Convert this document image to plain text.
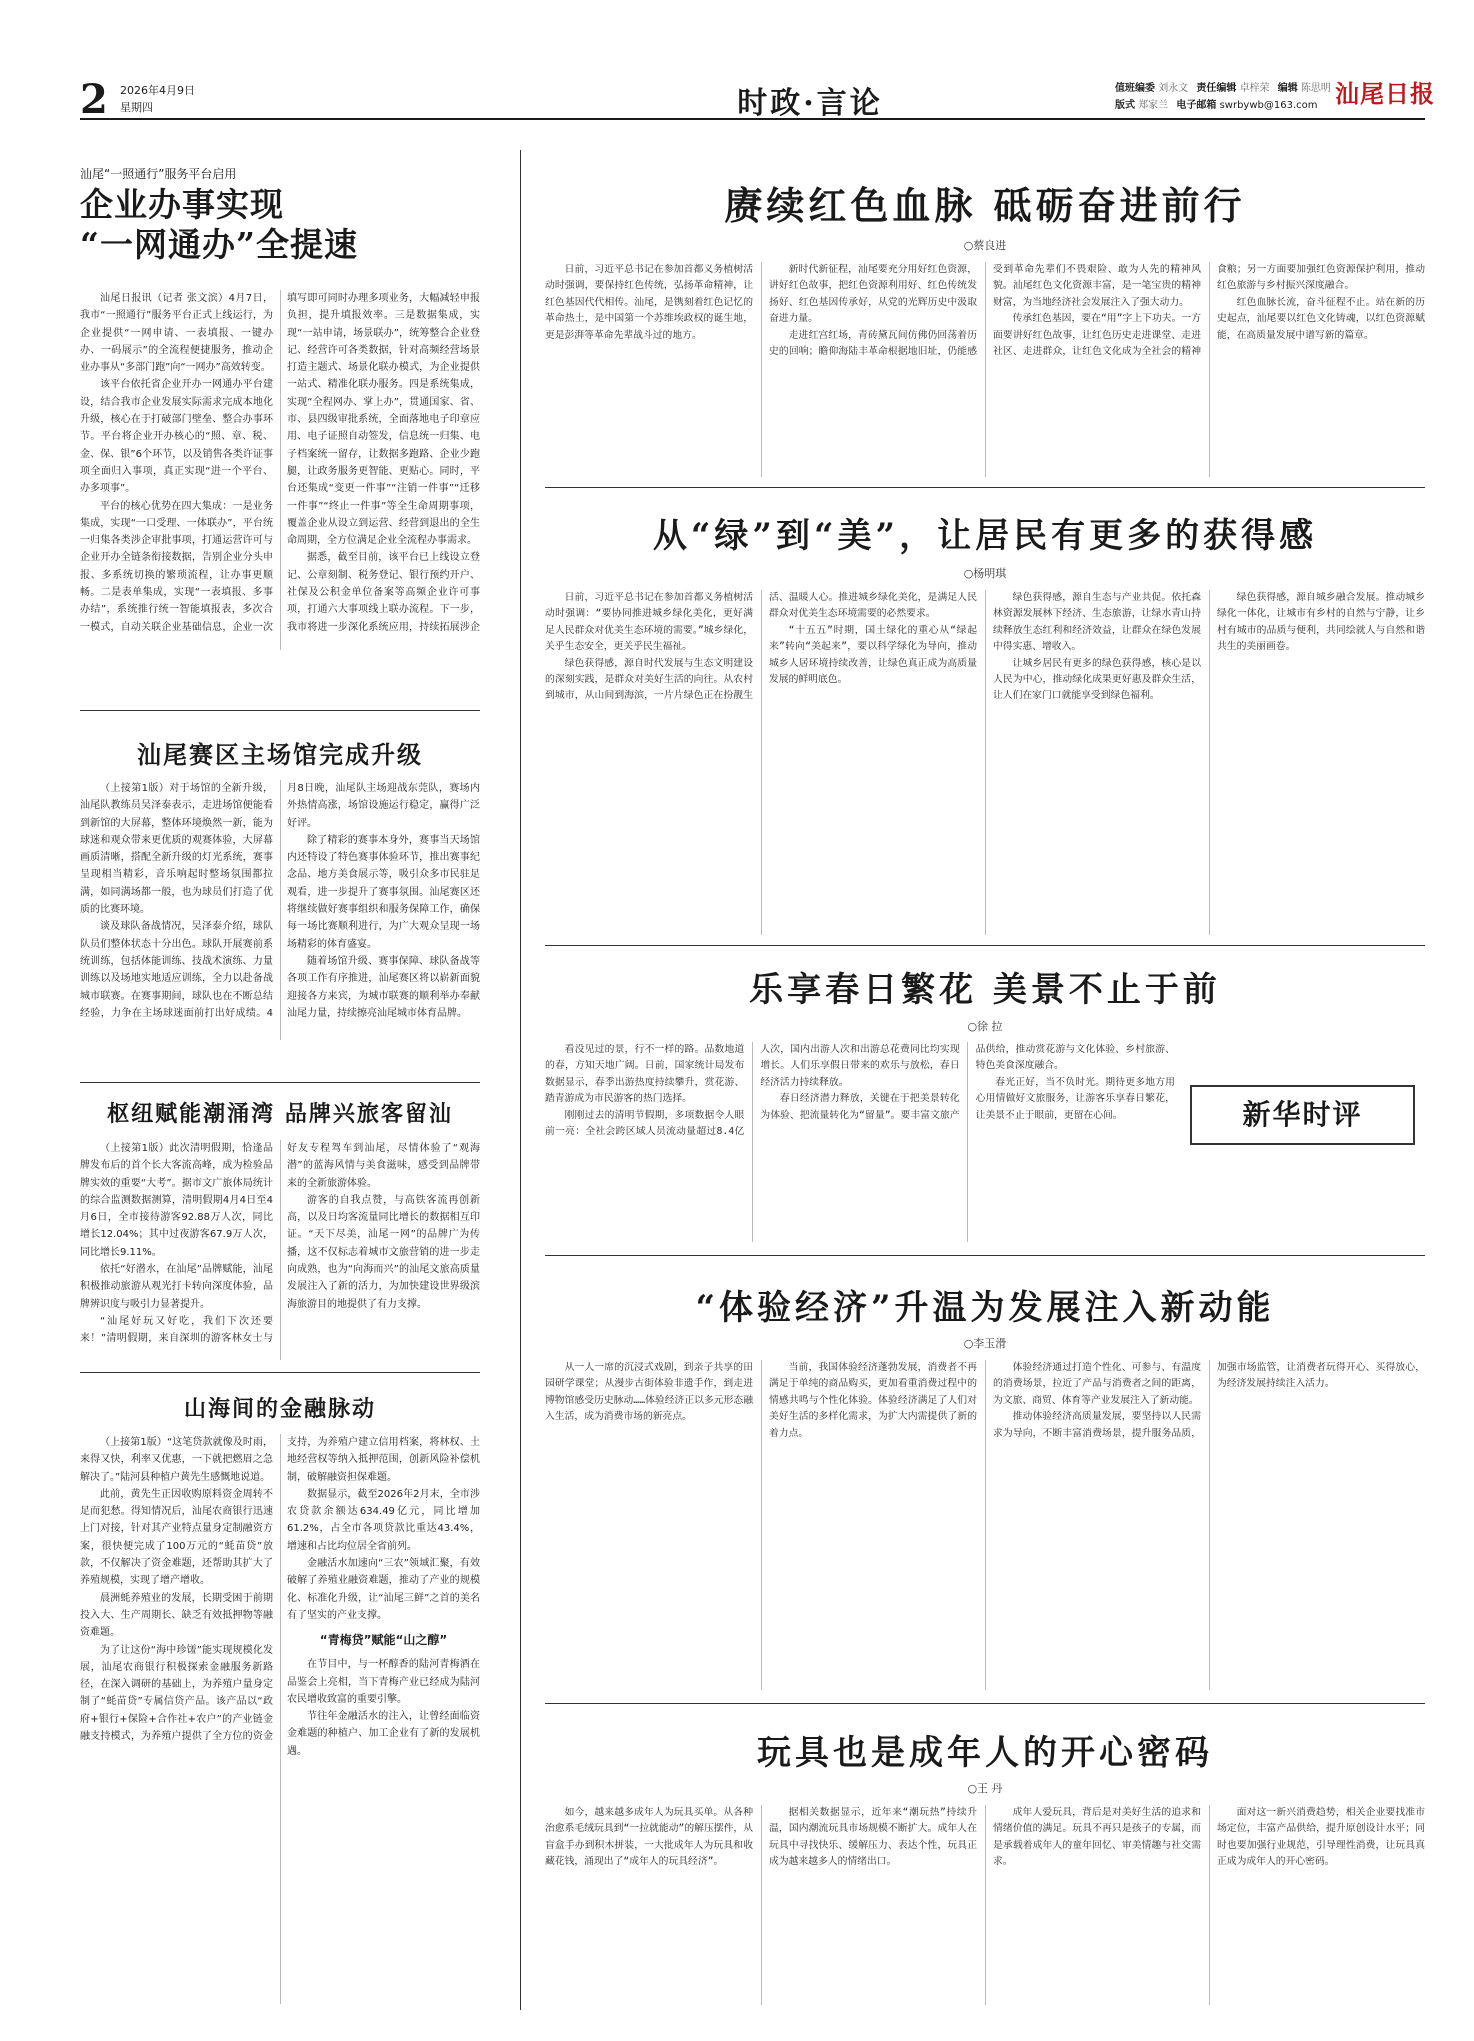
2 2026年4月9日
星期四	时政·言论	值班编委 刘永文 责任编辑 卓梓荣 编辑 陈思明
版式 郑家兰 电子邮箱 swrbywb@163.com 汕尾日报
汕尾“一照通行”服务平台启用
企业办事实现
“一网通办”全提速

汕尾日报讯（记者 张文滨）4月7日，我市“一照通行”服务平台正式上线运行，为企业提供“一网申请、一表填报、一键办办、一码展示”的全流程便捷服务，推动企业办事从“多部门跑”向“一网办”高效转变。

该平台依托省企业开办一网通办平台建设，结合我市企业发展实际需求完成本地化升级，核心在于打破部门壁垒、整合办事环节。平台将企业开办核心的“照、章、税、金、保、银”6个环节，以及销售各类许证事项全面归入事项，真正实现“进一个平台、办多项事”。

平台的核心优势在四大集成：一是业务集成，实现“一口受理、一体联办”，平台统一归集各类涉企审批事项，打通运营许可与企业开办全链条衔接数据，告别企业分头申报、多系统切换的繁琐流程，让办事更顺畅。二是表单集成，实现“一表填报、多事办结”，系统推行统一智能填报表，多次合一模式，自动关联企业基础信息，企业一次填写即可同时办理多项业务，大幅减轻申报负担，提升填报效率。三是数据集成，实现“一站申请，场景联办”，统筹整合企业登记、经营许可各类数据，针对高频经营场景打造主题式、场景化联办模式，为企业提供一站式、精准化联办服务。四是系统集成，实现“全程网办、掌上办”，贯通国家、省、市、县四级审批系统，全面落地电子印章应用、电子证照自动签发，信息统一归集、电子档案统一留存，让数据多跑路、企业少跑腿，让政务服务更智能、更贴心。同时，平台还集成“变更一件事”“注销一件事”“迁移一件事”“终止一件事”等全生命周期事项，覆盖企业从设立到运营、经营到退出的全生命周期，全方位满足企业全流程办事需求。

据悉，截至目前，该平台已上线设立登记、公章刻制、税务登记、银行预约开户、社保及公积金单位备案等高频企业许可事项，打通六大事项线上联办流程。下一步，我市将进一步深化系统应用，持续拓展涉企

汕尾赛区主场馆完成升级

（上接第1版）对于场馆的全新升级，汕尾队教练员吴泽泰表示，走进场馆便能看到新馆的大屏幕，整体环境焕然一新，能为球迷和观众带来更优质的观赛体验，大屏幕画质清晰，搭配全新升级的灯光系统，赛事呈现相当精彩，音乐响起时整场氛围都拉满，如同满场都一般，也为球员们打造了优质的比赛环境。

谈及球队备战情况，吴泽泰介绍，球队队员们整体状态十分出色。球队开展赛前系统训练，包括体能训练、技战术演练、力量训练以及场地实地适应训练，全力以赴备战城市联赛。在赛事期间，球队也在不断总结经验，力争在主场球迷面前打出好成绩。4月8日晚，汕尾队主场迎战东莞队，赛场内外热情高涨，场馆设施运行稳定，赢得广泛好评。

除了精彩的赛事本身外，赛事当天场馆内还特设了特色赛事体验环节，推出赛事纪念品、地方美食展示等，吸引众多市民驻足观看，进一步提升了赛事氛围。汕尾赛区还将继续做好赛事组织和服务保障工作，确保每一场比赛顺利进行，为广大观众呈现一场场精彩的体育盛宴。

随着场馆升级、赛事保障、球队备战等各项工作有序推进，汕尾赛区将以崭新面貌迎接各方来宾，为城市联赛的顺利举办奉献汕尾力量，持续擦亮汕尾城市体育品牌。

枢纽赋能潮涌湾 品牌兴旅客留汕

（上接第1版）此次清明假期，恰逢品牌发布后的首个长大客流高峰，成为检验品牌实效的重要“大考”。据市文广旅体局统计的综合监测数据测算，清明假期4月4日至4月6日，全市接待游客92.88万人次，同比增长12.04%；其中过夜游客67.9万人次，同比增长9.11%。

依托“好潜水，在汕尾”品牌赋能，汕尾积极推动旅游从观光打卡转向深度体验，品牌辨识度与吸引力显著提升。

“汕尾好玩又好吃，我们下次还要来！”清明假期，来自深圳的游客林女士与好友专程驾车到汕尾，尽情体验了“观海潜”的蓝海风情与美食滋味，感受到品牌带来的全新旅游体验。

游客的自我点赞，与高铁客流再创新高，以及日均客流量同比增长的数据相互印证。“天下尽美，汕尾一网”的品牌广为传播，这不仅标志着城市文旅营销的进一步走向成熟，也为“向海而兴”的汕尾文旅高质量发展注入了新的活力，为加快建设世界级滨海旅游目的地提供了有力支撑。

山海间的金融脉动

（上接第1版）“这笔贷款就像及时雨，来得又快，利率又优惠，一下就把燃眉之急解决了。”陆河县种植户黄先生感慨地说道。

此前，黄先生正因收购原料资金周转不足而犯愁。得知情况后，汕尾农商银行迅速上门对接，针对其产业特点量身定制融资方案，很快便完成了100万元的“蚝苗贷”放款，不仅解决了资金难题，还帮助其扩大了养殖规模，实现了增产增收。

晨洲蚝养殖业的发展，长期受困于前期投入大、生产周期长、缺乏有效抵押物等融资难题。

为了让这份“海中珍馐”能实现规模化发展，汕尾农商银行积极探索金融服务新路径，在深入调研的基础上，为养殖户量身定制了“蚝苗贷”专属信贷产品。该产品以“政府+银行+保险+合作社+农户”的产业链金融支持模式，为养殖户提供了全方位的资金支持，为养殖户建立信用档案，将林权、土地经营权等纳入抵押范围，创新风险补偿机制，破解融资担保难题。

数据显示，截至2026年2月末，全市涉农贷款余额达634.49亿元，同比增加61.2%，占全市各项贷款比重达43.4%，增速和占比均位居全省前列。

金融活水加速向“三农”领域汇聚，有效破解了养殖业融资难题，推动了产业的规模化、标准化升级，让“汕尾三鲜”之首的美名有了坚实的产业支撑。

“青梅贷”赋能“山之醇”

在节目中，与一杯醇香的陆河青梅酒在品鉴会上亮相，当下青梅产业已经成为陆河农民增收致富的重要引擎。

节往年金融活水的注入，让曾经面临资金难题的种植户、加工企业有了新的发展机遇。

赓续红色血脉 砥砺奋进前行
○蔡良进

日前，习近平总书记在参加首都义务植树活动时强调，要保持红色传统，弘扬革命精神，让红色基因代代相传。汕尾，是镌刻着红色记忆的革命热土，是中国第一个苏维埃政权的诞生地，更是彭湃等革命先辈战斗过的地方。

新时代新征程，汕尾要充分用好红色资源，讲好红色故事，把红色资源利用好、红色传统发扬好、红色基因传承好，从党的光辉历史中汲取奋进力量。

走进红宫红场，青砖黛瓦间仿佛仍回荡着历史的回响；瞻仰海陆丰革命根据地旧址，仍能感受到革命先辈们不畏艰险、敢为人先的精神风貌。汕尾红色文化资源丰富，是一笔宝贵的精神财富，为当地经济社会发展注入了强大动力。

传承红色基因，要在“用”字上下功夫。一方面要讲好红色故事，让红色历史走进课堂、走进社区、走进群众，让红色文化成为全社会的精神食粮；另一方面要加强红色资源保护利用，推动红色旅游与乡村振兴深度融合。

红色血脉长流，奋斗征程不止。站在新的历史起点，汕尾要以红色文化铸魂，以红色资源赋能，在高质量发展中谱写新的篇章。

从“绿”到“美”，让居民有更多的获得感
○杨明琪

日前，习近平总书记在参加首都义务植树活动时强调：“要协同推进城乡绿化美化，更好满足人民群众对优美生态环境的需要。”城乡绿化，关乎生态安全，更关乎民生福祉。

绿色获得感，源自时代发展与生态文明建设的深刻实践，是群众对美好生活的向往。从农村到城市，从山间到海滨，一片片绿色正在扮靓生活、温暖人心。推进城乡绿化美化，是满足人民群众对优美生态环境需要的必然要求。

“十五五”时期，国土绿化的重心从“绿起来”转向“美起来”，要以科学绿化为导向，推动城乡人居环境持续改善，让绿色真正成为高质量发展的鲜明底色。

绿色获得感，源自生态与产业共促。依托森林资源发展林下经济、生态旅游，让绿水青山持续释放生态红利和经济效益，让群众在绿色发展中得实惠、增收入。

让城乡居民有更多的绿色获得感，核心是以人民为中心，推动绿化成果更好惠及群众生活，让人们在家门口就能享受到绿色福利。

绿色获得感，源自城乡融合发展。推动城乡绿化一体化，让城市有乡村的自然与宁静，让乡村有城市的品质与便利，共同绘就人与自然和谐共生的美丽画卷。

乐享春日繁花 美景不止于前
○徐 拉

看没见过的景，行不一样的路。品数地道的春，方知天地广阔。日前，国家统计局发布数据显示，春季出游热度持续攀升，赏花游、踏青游成为市民游客的热门选择。

刚刚过去的清明节假期，多项数据令人眼前一亮：全社会跨区域人员流动量超过8.4亿人次，国内出游人次和出游总花费同比均实现增长。人们乐享假日带来的欢乐与放松，春日经济活力持续释放。

春日经济潜力释放，关键在于把美景转化为体验、把流量转化为“留量”。要丰富文旅产品供给，推动赏花游与文化体验、乡村旅游、特色美食深度融合。

春光正好，当不负时光。期待更多地方用心用情做好文旅服务，让游客乐享春日繁花，让美景不止于眼前，更留在心间。	新华时评
“体验经济”升温为发展注入新动能
○李玉滑

从一人一席的沉浸式戏剧，到亲子共享的田园研学课堂；从漫步古街体验非遗手作，到走进博物馆感受历史脉动……体验经济正以多元形态融入生活，成为消费市场的新亮点。

当前，我国体验经济蓬勃发展，消费者不再满足于单纯的商品购买，更加看重消费过程中的情感共鸣与个性化体验。体验经济满足了人们对美好生活的多样化需求，为扩大内需提供了新的着力点。

体验经济通过打造个性化、可参与、有温度的消费场景，拉近了产品与消费者之间的距离，为文旅、商贸、体育等产业发展注入了新动能。

推动体验经济高质量发展，要坚持以人民需求为导向，不断丰富消费场景，提升服务品质，加强市场监管，让消费者玩得开心、买得放心，为经济发展持续注入活力。

玩具也是成年人的开心密码
○王 丹

如今，越来越多成年人为玩具买单。从各种治愈系毛绒玩具到“一拉就能动”的解压摆件，从盲盒手办到积木拼装，一大批成年人为玩具和收藏花钱，涌现出了“成年人的玩具经济”。

据相关数据显示，近年来“潮玩热”持续升温，国内潮流玩具市场规模不断扩大。成年人在玩具中寻找快乐、缓解压力、表达个性，玩具正成为越来越多人的情绪出口。

成年人爱玩具，背后是对美好生活的追求和情绪价值的满足。玩具不再只是孩子的专属，而是承载着成年人的童年回忆、审美情趣与社交需求。

面对这一新兴消费趋势，相关企业要找准市场定位，丰富产品供给，提升原创设计水平；同时也要加强行业规范，引导理性消费，让玩具真正成为成年人的开心密码。
